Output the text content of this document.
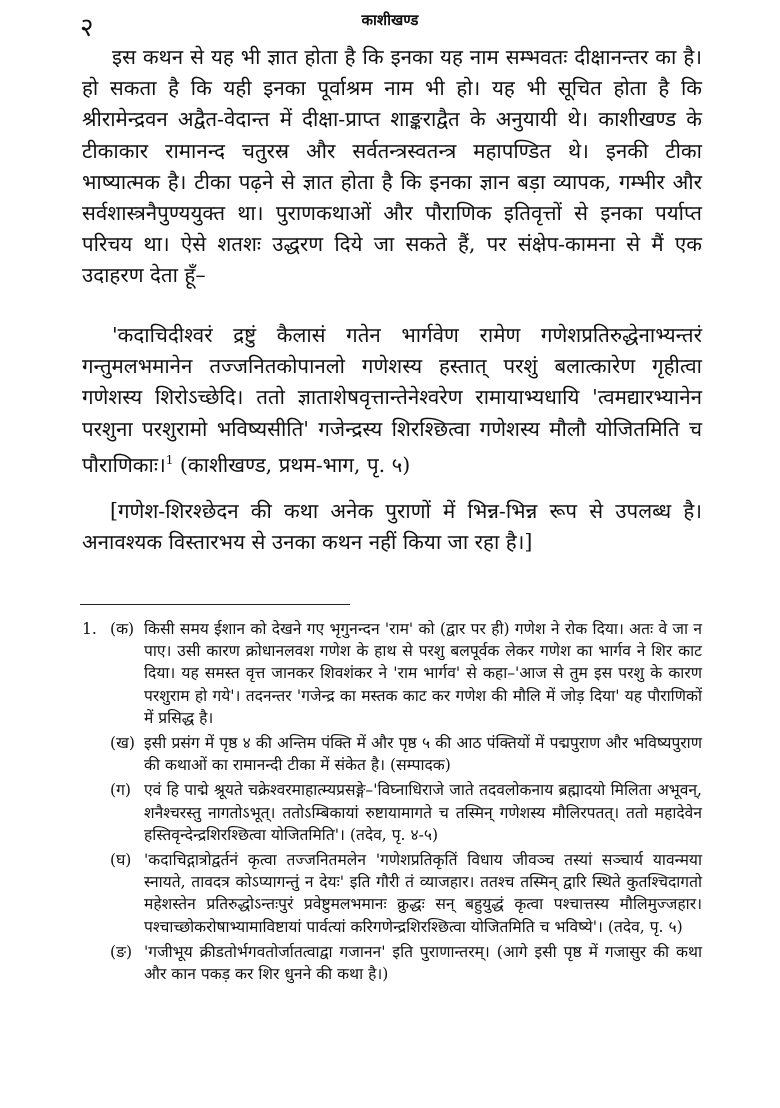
२	काशीखण्ड

इस कथन से यह भी ज्ञात होता है कि इनका यह नाम सम्भवतः दीक्षानन्तर का है। हो सकता है कि यही इनका पूर्वाश्रम नाम भी हो। यह भी सूचित होता है कि श्रीरामेन्द्रवन अद्वैत-वेदान्त में दीक्षा-प्राप्त शाङ्कराद्वैत के अनुयायी थे। काशीखण्ड के टीकाकार रामानन्द चतुरस्र और सर्वतन्त्रस्वतन्त्र महापण्डित थे। इनकी टीका भाष्यात्मक है। टीका पढ़ने से ज्ञात होता है कि इनका ज्ञान बड़ा व्यापक, गम्भीर और सर्वशास्त्रनैपुण्ययुक्त था। पुराणकथाओं और पौराणिक इतिवृत्तों से इनका पर्याप्त परिचय था। ऐसे शतशः उद्धरण दिये जा सकते हैं, पर संक्षेप-कामना से मैं एक उदाहरण देता हूँ–

'कदाचिदीश्वरं द्रष्टुं कैलासं गतेन भार्गवेण रामेण गणेशप्रतिरुद्धेनाभ्यन्तरं गन्तुमलभमानेन तज्जनितकोपानलो गणेशस्य हस्तात् परशुं बलात्कारेण गृहीत्वा गणेशस्य शिरोऽच्छेदि। ततो ज्ञाताशेषवृत्तान्तेनेश्वरेण रामायाभ्यधायि 'त्वमद्यारभ्यानेन परशुना परशुरामो भविष्यसीति' गजेन्द्रस्य शिरश्छित्वा गणेशस्य मौलौ योजितमिति च पौराणिकाः।$^1$ (काशीखण्ड, प्रथम-भाग, पृ. ५)

[गणेश-शिरश्छेदन की कथा अनेक पुराणों में भिन्न-भिन्न रूप से उपलब्ध है। अनावश्यक विस्तारभय से उनका कथन नहीं किया जा रहा है।]

1. (क) किसी समय ईशान को देखने गए भृगुनन्दन 'राम' को (द्वार पर ही) गणेश ने रोक दिया। अतः वे जा न पाए। उसी कारण क्रोधानलवश गणेश के हाथ से परशु बलपूर्वक लेकर गणेश का भार्गव ने शिर काट दिया। यह समस्त वृत्त जानकर शिवशंकर ने 'राम भार्गव' से कहा–'आज से तुम इस परशु के कारण परशुराम हो गये'। तदनन्तर 'गजेन्द्र का मस्तक काट कर गणेश की मौलि में जोड़ दिया' यह पौराणिकों में प्रसिद्ध है।
(ख) इसी प्रसंग में पृष्ठ ४ की अन्तिम पंक्ति में और पृष्ठ ५ की आठ पंक्तियों में पद्मपुराण और भविष्यपुराण की कथाओं का रामानन्दी टीका में संकेत है। (सम्पादक)
(ग) एवं हि पाद्मे श्रूयते चक्रेश्वरमाहात्म्यप्रसङ्गे–'विघ्नाधिराजे जाते तदवलोकनाय ब्रह्मादयो मिलिता अभूवन्, शनैश्चरस्तु नागतोऽभूत्। ततोऽम्बिकायां रुष्टायामागते च तस्मिन् गणेशस्य मौलिरपतत्। ततो महादेवेन हस्तिवृन्देन्द्रशिरश्छित्वा योजितमिति'। (तदेव, पृ. ४-५)
(घ) 'कदाचिद्गात्रोद्वर्तनं कृत्वा तज्जनितमलेन 'गणेशप्रतिकृतिं विधाय जीवञ्च तस्यां सञ्चार्य यावन्मया स्नायते, तावदत्र कोऽप्यागन्तुं न देयः' इति गौरी तं व्याजहार। ततश्च तस्मिन् द्वारि स्थिते कुतश्चिदागतो महेशस्तेन प्रतिरुद्धोऽन्तःपुरं प्रवेष्टुमलभमानः क्रुद्धः सन् बहुयुद्धं कृत्वा पश्चात्तस्य मौलिमुज्जहार। पश्चाच्छोकरोषाभ्यामाविष्टायां पार्वत्यां करिगणेन्द्रशिरश्छित्वा योजितमिति च भविष्ये'। (तदेव, पृ. ५)
(ङ) 'गजीभूय क्रीडतोर्भगवतोर्जातत्वाद्वा गजानन' इति पुराणान्तरम्। (आगे इसी पृष्ठ में गजासुर की कथा और कान पकड़ कर शिर धुनने की कथा है।)
